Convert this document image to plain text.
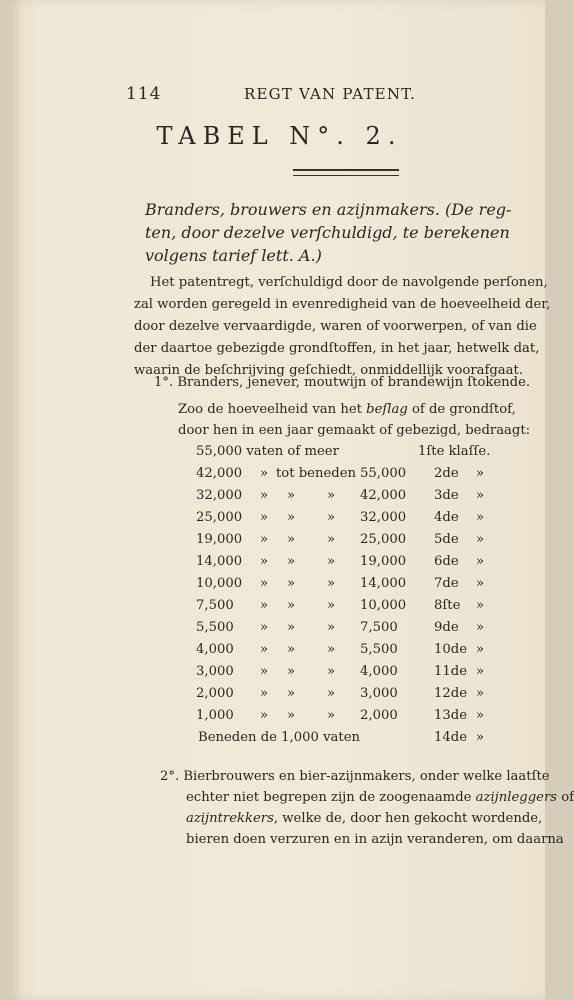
114	REGT VAN PATENT.
TABEL N°. 2.
Branders, brouwers en azijnmakers. (De reg-
ten, door dezelve verſchuldigd, te berekenen
volgens tarief lett. A.)
Het patentregt, verſchuldigd door de navolgende perſonen,
zal worden geregeld in evenredigheid van de hoeveelheid der,
door dezelve vervaardigde, waren of voorwerpen, of van die
der daartoe gebezigde grondſtoffen, in het jaar, hetwelk dat,
waarin de beſchrijving geſchiedt, onmiddellijk voorafgaat.
1°. Branders, jenever, moutwijn of brandewijn ſtokende.
Zoo de hoeveelheid van het beſlag of de grondſtof,
door hen in een jaar gemaakt of gebezigd, bedraagt:
55,000 vaten of meer	1ſte klaſſe.
42,000 » tot beneden 55,000 2de »
32,000 » » » 42,000 3de »
25,000 » » » 32,000 4de »
19,000 » » » 25,000 5de »
14,000 » » » 19,000 6de »
10,000 » » » 14,000 7de »
7,500 » » » 10,000 8ſte »
5,500 » » » 7,500	9de »
4,000 » » » 5,500	10de »
3,000 » » » 4,000	11de »
2,000 » » » 3,000	12de »
1,000 » » » 2,000	13de »
Beneden de 1,000 vaten	14de »
2°. Bierbrouwers en bier-azijnmakers, onder welke laatſte
echter niet begrepen zijn de zoogenaamde azijnleggers of
azijntrekkers, welke de, door hen gekocht wordende,
bieren doen verzuren en in azijn veranderen, om daarna
